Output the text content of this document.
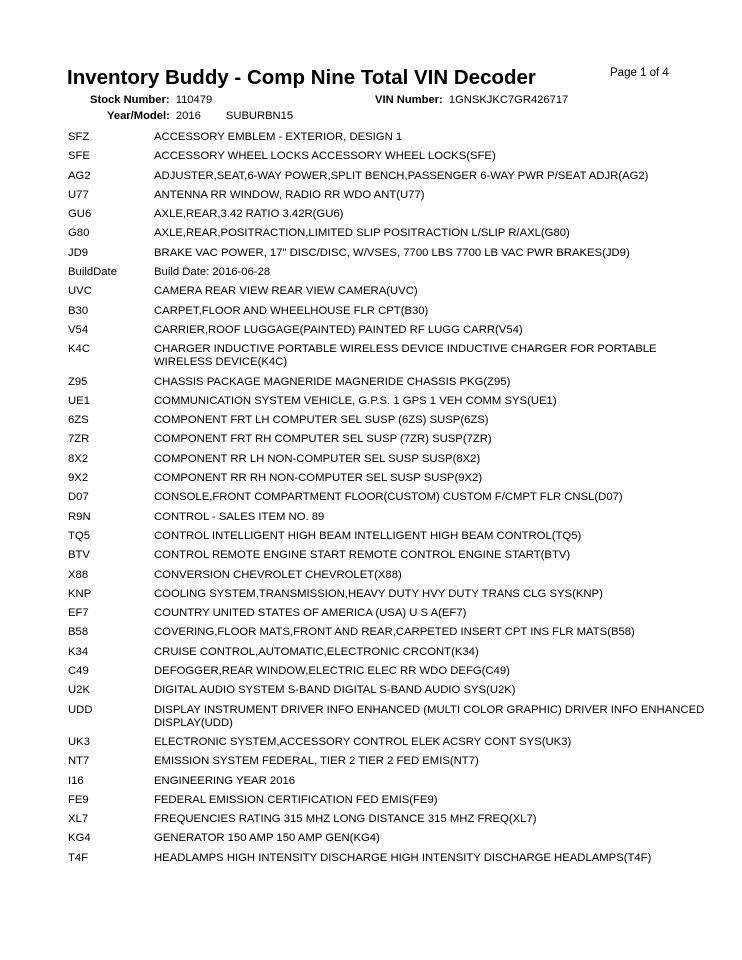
Inventory Buddy - Comp Nine Total VIN Decoder	Page 1 of 4
Stock Number: 110479	VIN Number: 1GNSKJKC7GR426717
Year/Model: 2016 SUBURBN15
SFZ	ACCESSORY EMBLEM - EXTERIOR, DESIGN 1
SFE	ACCESSORY WHEEL LOCKS ACCESSORY WHEEL LOCKS(SFE)
AG2	ADJUSTER,SEAT,6-WAY POWER,SPLIT BENCH,PASSENGER 6-WAY PWR P/SEAT ADJR(AG2)
U77	ANTENNA RR WINDOW, RADIO RR WDO ANT(U77)
GU6	AXLE,REAR,3.42 RATIO 3.42R(GU6)
G80	AXLE,REAR,POSITRACTION,LIMITED SLIP POSITRACTION L/SLIP R/AXL(G80)
JD9	BRAKE VAC POWER, 17" DISC/DISC, W/VSES, 7700 LBS 7700 LB VAC PWR BRAKES(JD9)
BuildDate	Build Date: 2016-06-28
UVC	CAMERA REAR VIEW REAR VIEW CAMERA(UVC)
B30	CARPET,FLOOR AND WHEELHOUSE FLR CPT(B30)
V54	CARRIER,ROOF LUGGAGE(PAINTED) PAINTED RF LUGG CARR(V54)
K4C	CHARGER INDUCTIVE PORTABLE WIRELESS DEVICE INDUCTIVE CHARGER FOR PORTABLE WIRELESS DEVICE(K4C)
Z95	CHASSIS PACKAGE MAGNERIDE MAGNERIDE CHASSIS PKG(Z95)
UE1	COMMUNICATION SYSTEM VEHICLE, G.P.S. 1 GPS 1 VEH COMM SYS(UE1)
6ZS	COMPONENT FRT LH COMPUTER SEL SUSP (6ZS) SUSP(6ZS)
7ZR	COMPONENT FRT RH COMPUTER SEL SUSP (7ZR) SUSP(7ZR)
8X2	COMPONENT RR LH NON-COMPUTER SEL SUSP SUSP(8X2)
9X2	COMPONENT RR RH NON-COMPUTER SEL SUSP SUSP(9X2)
D07	CONSOLE,FRONT COMPARTMENT FLOOR(CUSTOM) CUSTOM F/CMPT FLR CNSL(D07)
R9N	CONTROL - SALES ITEM NO. 89
TQ5	CONTROL INTELLIGENT HIGH BEAM INTELLIGENT HIGH BEAM CONTROL(TQ5)
BTV	CONTROL REMOTE ENGINE START REMOTE CONTROL ENGINE START(BTV)
X88	CONVERSION CHEVROLET CHEVROLET(X88)
KNP	COOLING SYSTEM,TRANSMISSION,HEAVY DUTY HVY DUTY TRANS CLG SYS(KNP)
EF7	COUNTRY UNITED STATES OF AMERICA (USA) U S A(EF7)
B58	COVERING,FLOOR MATS,FRONT AND REAR,CARPETED INSERT CPT INS FLR MATS(B58)
K34	CRUISE CONTROL,AUTOMATIC,ELECTRONIC CRCONT(K34)
C49	DEFOGGER,REAR WINDOW,ELECTRIC ELEC RR WDO DEFG(C49)
U2K	DIGITAL AUDIO SYSTEM S-BAND DIGITAL S-BAND AUDIO SYS(U2K)
UDD	DISPLAY INSTRUMENT DRIVER INFO ENHANCED (MULTI COLOR GRAPHIC) DRIVER INFO ENHANCED DISPLAY(UDD)
UK3	ELECTRONIC SYSTEM,ACCESSORY CONTROL ELEK ACSRY CONT SYS(UK3)
NT7	EMISSION SYSTEM FEDERAL, TIER 2 TIER 2 FED EMIS(NT7)
I16	ENGINEERING YEAR 2016
FE9	FEDERAL EMISSION CERTIFICATION FED EMIS(FE9)
XL7	FREQUENCIES RATING 315 MHZ LONG DISTANCE 315 MHZ FREQ(XL7)
KG4	GENERATOR 150 AMP 150 AMP GEN(KG4)
T4F	HEADLAMPS HIGH INTENSITY DISCHARGE HIGH INTENSITY DISCHARGE HEADLAMPS(T4F)
